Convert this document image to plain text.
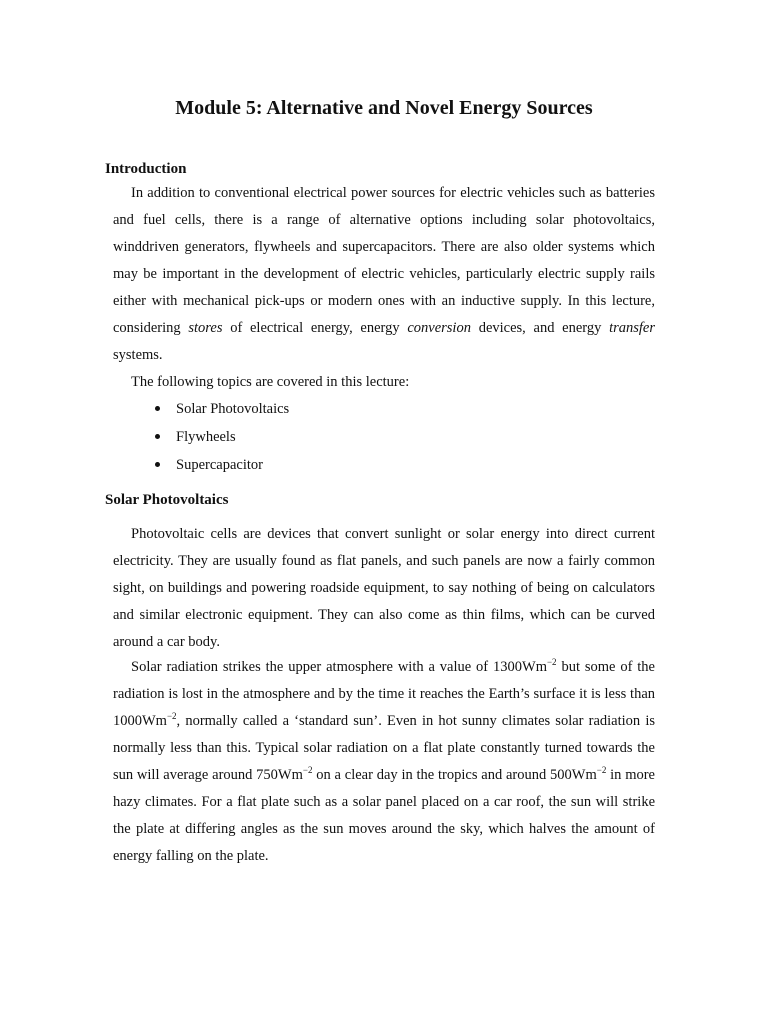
Module 5: Alternative and Novel Energy Sources
Introduction

In addition to conventional electrical power sources for electric vehicles such as batteries and fuel cells, there is a range of alternative options including solar photovoltaics, winddriven generators, flywheels and supercapacitors. There are also older systems which may be important in the development of electric vehicles, particularly electric supply rails either with mechanical pick-ups or modern ones with an inductive supply. In this lecture, considering stores of electrical energy, energy conversion devices, and energy transfer systems.

The following topics are covered in this lecture:
Solar Photovoltaics
Flywheels
Supercapacitor
Solar Photovoltaics

Photovoltaic cells are devices that convert sunlight or solar energy into direct current electricity. They are usually found as flat panels, and such panels are now a fairly common sight, on buildings and powering roadside equipment, to say nothing of being on calculators and similar electronic equipment. They can also come as thin films, which can be curved around a car body.

Solar radiation strikes the upper atmosphere with a value of $1300Wm^{-2}$ but some of the radiation is lost in the atmosphere and by the time it reaches the Earth’s surface it is less than $1000Wm^{-2}$, normally called a ‘standard sun’. Even in hot sunny climates solar radiation is normally less than this. Typical solar radiation on a flat plate constantly turned towards the sun will average around $750Wm^{-2}$ on a clear day in the tropics and around $500Wm^{-2}$ in more hazy climates. For a flat plate such as a solar panel placed on a car roof, the sun will strike the plate at differing angles as the sun moves around the sky, which halves the amount of energy falling on the plate.
